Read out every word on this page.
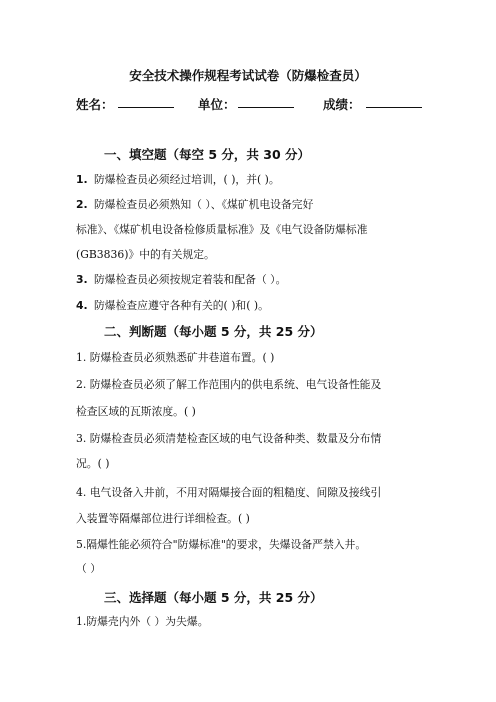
安全技术操作规程考试试卷（防爆检查员）
姓名：	单位：	成绩：
一、填空题（每空 5 分，共 30 分）
1. 防爆检查员必须经过培训，( )，并( )。
2. 防爆检查员必须熟知（ ）、《煤矿机电设备完好
标准》、《煤矿机电设备检修质量标准》及《电气设备防爆标准
(GB3836)》中的有关规定。
3. 防爆检查员必须按规定着装和配备（ ）。
4. 防爆检查应遵守各种有关的( )和( )。
二、判断题（每小题 5 分，共 25 分）
1. 防爆检查员必须熟悉矿井巷道布置。( )
2. 防爆检查员必须了解工作范围内的供电系统、电气设备性能及
检查区域的瓦斯浓度。( )
3. 防爆检查员必须清楚检查区域的电气设备种类、数量及分布情
况。( )
4. 电气设备入井前，不用对隔爆接合面的粗糙度、间隙及接线引
入装置等隔爆部位进行详细检查。( )
5.隔爆性能必须符合"防爆标准"的要求，失爆设备严禁入井。
（ ）
三、选择题（每小题 5 分，共 25 分）
1.防爆壳内外（ ）为失爆。
